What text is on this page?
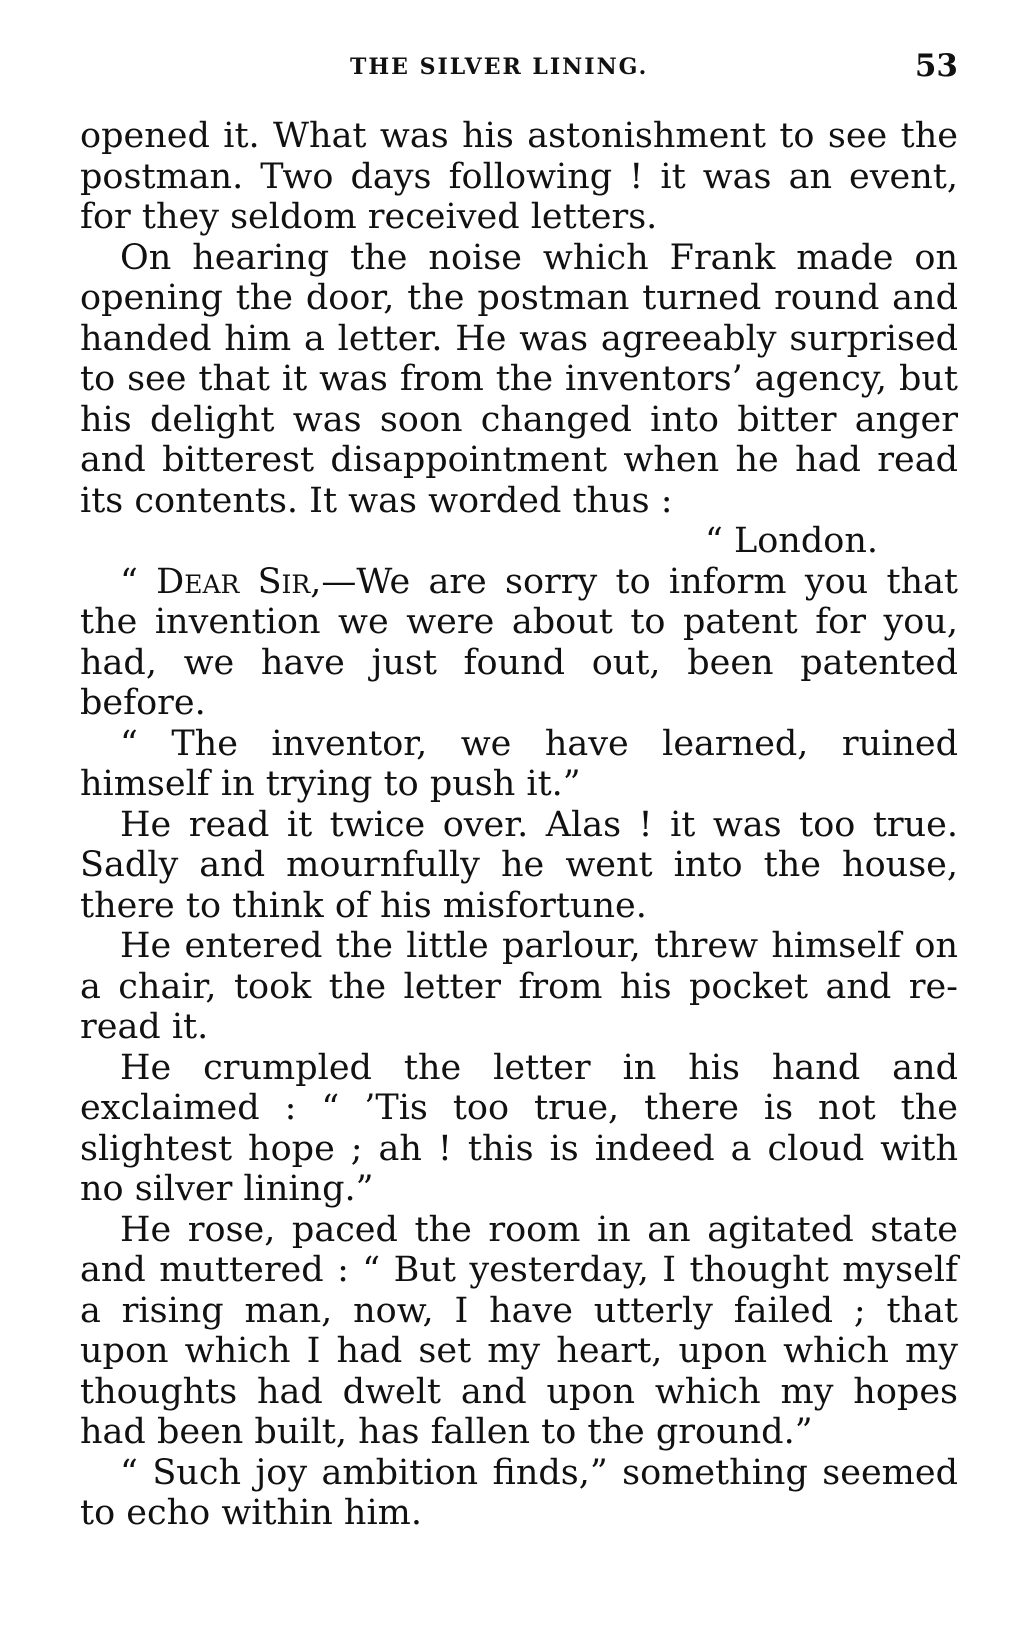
THE SILVER LINING.	53

opened it. What was his astonishment to see the postman. Two days following ! it was an event, for they seldom received letters.

On hearing the noise which Frank made on opening the door, the postman turned round and handed him a letter. He was agreeably surprised to see that it was from the inventors’ agency, but his delight was soon changed into bitter anger and bitterest disappointment when he had read its contents. It was worded thus :

“ London.

“ Dear Sir,—We are sorry to inform you that the invention we were about to patent for you, had, we have just found out, been patented before.

“ The inventor, we have learned, ruined himself in trying to push it.”

He read it twice over. Alas ! it was too true. Sadly and mournfully he went into the house, there to think of his misfortune.

He entered the little parlour, threw himself on a chair, took the letter from his pocket and re-read it.

He crumpled the letter in his hand and exclaimed : “ ’Tis too true, there is not the slightest hope ; ah ! this is indeed a cloud with no silver lining.”

He rose, paced the room in an agitated state and muttered : “ But yesterday, I thought myself a rising man, now, I have utterly failed ; that upon which I had set my heart, upon which my thoughts had dwelt and upon which my hopes had been built, has fallen to the ground.”

“ Such joy ambition finds,” something seemed to echo within him.
